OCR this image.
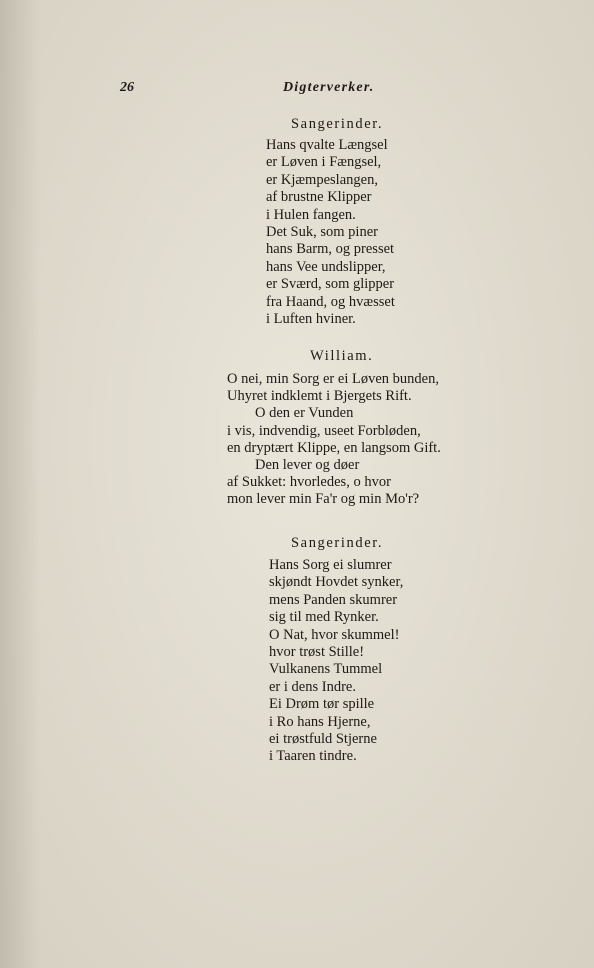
26	Digterverker.
Sangerinder.
Hans qvalte Længsel
er Løven i Fængsel,
er Kjæmpeslangen,
af brustne Klipper
i Hulen fangen.
Det Suk, som piner
hans Barm, og presset
hans Vee undslipper,
er Sværd, som glipper
fra Haand, og hvæsset
i Luften hviner.
William.
O nei, min Sorg er ei Løven bunden,
Uhyret indklemt i Bjergets Rift.
O den er Vunden
i vis, indvendig, useet Forbløden,
en dryptært Klippe, en langsom Gift.
Den lever og døer
af Sukket: hvorledes, o hvor
mon lever min Fa'r og min Mo'r?
Sangerinder.
Hans Sorg ei slumrer
skjøndt Hovdet synker,
mens Panden skumrer
sig til med Rynker.
O Nat, hvor skummel!
hvor trøst Stille!
Vulkanens Tummel
er i dens Indre.
Ei Drøm tør spille
i Ro hans Hjerne,
ei trøstfuld Stjerne
i Taaren tindre.
